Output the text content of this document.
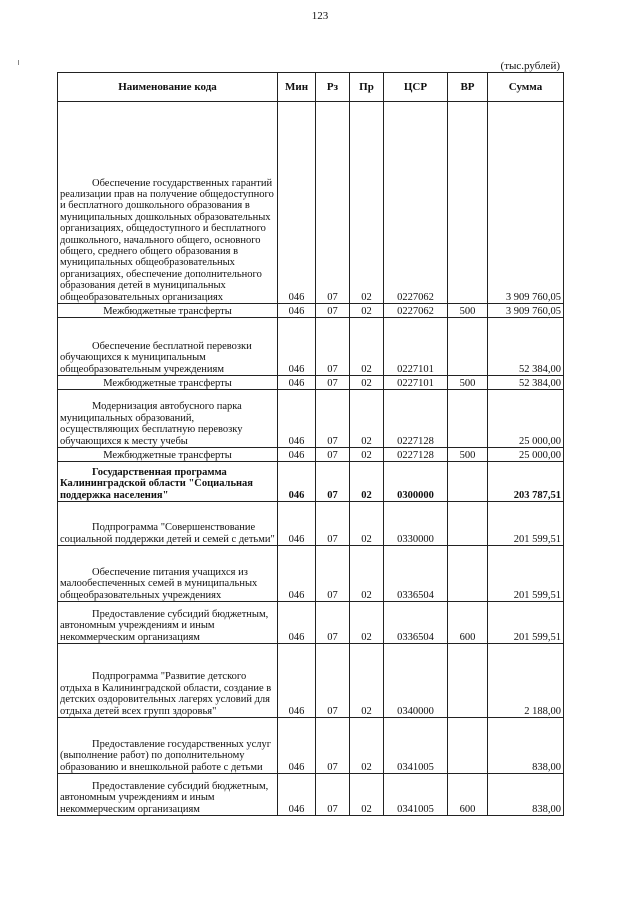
123
(тыс.рублей)
Наименование кода	Мин	Рз	Пр	ЦСР	ВР	Сумма
Обеспечение государственных гарантий реализации прав на получение общедоступного и бесплатного дошкольного образования в муниципальных дошкольных образовательных организациях, общедоступного и бесплатного дошкольного, начального общего, основного общего, среднего общего образования в муниципальных общеобразовательных организациях, обеспечение дополнительного образования детей в муниципальных общеобразовательных организациях	046	07	02	0227062		3 909 760,05
Межбюджетные трансферты	046	07	02	0227062	500	3 909 760,05
Обеспечение бесплатной перевозки обучающихся к муниципальным общеобразовательным учреждениям	046	07	02	0227101		52 384,00
Межбюджетные трансферты	046	07	02	0227101	500	52 384,00
Модернизация автобусного парка муниципальных образований, осуществляющих бесплатную перевозку обучающихся к месту учебы	046	07	02	0227128		25 000,00
Межбюджетные трансферты	046	07	02	0227128	500	25 000,00
Государственная программа Калининградской области "Социальная поддержка населения"	046	07	02	0300000		203 787,51
Подпрограмма "Совершенствование социальной поддержки детей и семей с детьми"	046	07	02	0330000		201 599,51
Обеспечение питания учащихся из малообеспеченных семей в муниципальных общеобразовательных учреждениях	046	07	02	0336504		201 599,51
Предоставление субсидий бюджетным, автономным учреждениям и иным некоммерческим организациям	046	07	02	0336504	600	201 599,51
Подпрограмма "Развитие детского отдыха в Калининградской области, создание в детских оздоровительных лагерях условий для отдыха детей всех групп здоровья"	046	07	02	0340000		2 188,00
Предоставление государственных услуг (выполнение работ) по дополнительному образованию и внешкольной работе с детьми	046	07	02	0341005		838,00
Предоставление субсидий бюджетным, автономным учреждениям и иным некоммерческим организациям	046	07	02	0341005	600	838,00
